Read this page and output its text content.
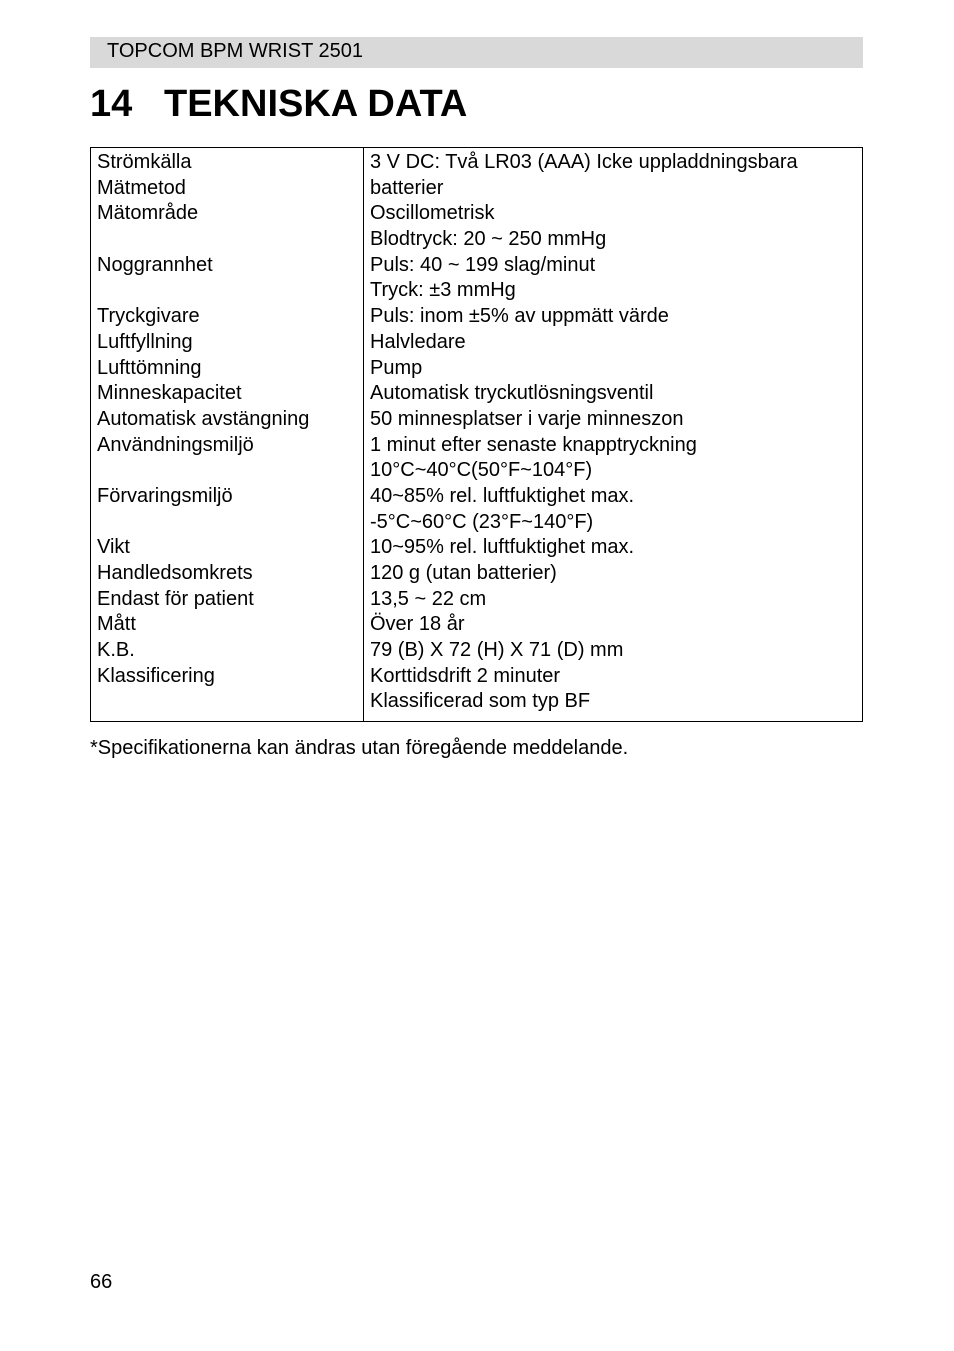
TOPCOM BPM WRIST 2501
14 TEKNISKA DATA
Strömkälla
Mätmetod
Mätområde
Noggrannhet
Tryckgivare
Luftfyllning
Lufttömning
Minneskapacitet
Automatisk avstängning
Användningsmiljö
Förvaringsmiljö
Vikt
Handledsomkrets
Endast för patient
Mått
K.B.
Klassificering
3 V DC: Två LR03 (AAA) Icke uppladdningsbara
batterier
Oscillometrisk
Blodtryck: 20 ~ 250 mmHg
Puls: 40 ~ 199 slag/minut
Tryck: ±3 mmHg
Puls: inom ±5% av uppmätt värde
Halvledare
Pump
Automatisk tryckutlösningsventil
50 minnesplatser i varje minneszon
1 minut efter senaste knapptryckning
10°C~40°C(50°F~104°F)
40~85% rel. luftfuktighet max.
-5°C~60°C (23°F~140°F)
10~95% rel. luftfuktighet max.
120 g (utan batterier)
13,5 ~ 22 cm
Över 18 år
79 (B) X 72 (H) X 71 (D) mm
Korttidsdrift 2 minuter
Klassificerad som typ BF
*Specifikationerna kan ändras utan föregående meddelande.
66
